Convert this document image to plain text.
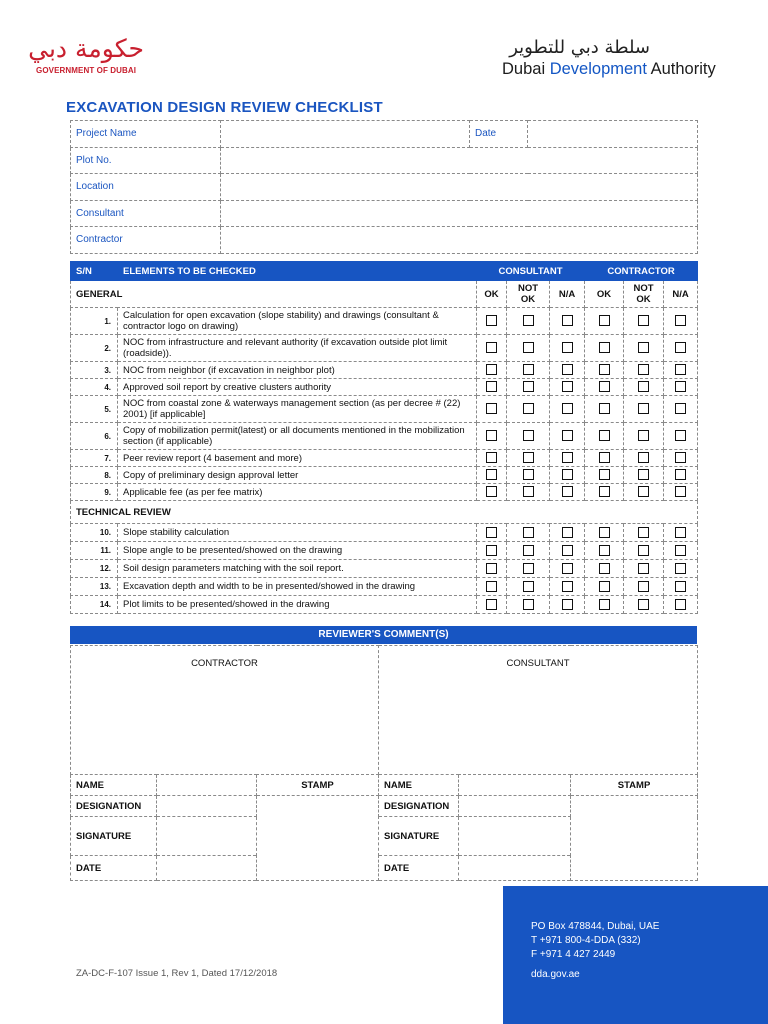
حكومة دبي
GOVERNMENT OF DUBAI
سلطة دبي للتطوير
Dubai Development Authority
EXCAVATION DESIGN REVIEW CHECKLIST
Project Name		Date	
Plot No.			
Location			
Consultant			
Contractor			
S/N	ELEMENTS TO BE CHECKED	CONSULTANT			CONTRACTOR		
GENERAL		OK	NOT OK	N/A	OK	NOT OK	N/A
1.	Calculation for open excavation (slope stability) and drawings (consultant & contractor logo on drawing)						
2.	NOC from infrastructure and relevant authority (if excavation outside plot limit (roadside)).						
3.	NOC from neighbor (if excavation in neighbor plot)						
4.	Approved soil report by creative clusters authority						
5.	NOC from coastal zone & waterways management section (as per decree # (22) 2001) [if applicable]						
6.	Copy of mobilization permit(latest) or all documents mentioned in the mobilization section (if applicable)						
7.	Peer review report (4 basement and more)						
8.	Copy of preliminary design approval letter						
9.	Applicable fee (as per fee matrix)						
TECHNICAL REVIEW							
10.	Slope stability calculation						
11.	Slope angle to be presented/showed on the drawing						
12.	Soil design parameters matching with the soil report.						
13.	Excavation depth and width to be in presented/showed in the drawing						
14.	Plot limits to be presented/showed in the drawing						
REVIEWER'S COMMENT(S)
CONTRACTOR			CONSULTANT		
NAME		STAMP	NAME		STAMP
DESIGNATION			DESIGNATION		
SIGNATURE			SIGNATURE		
DATE			DATE		
ZA-DC-F-107 Issue 1, Rev 1, Dated 17/12/2018
PO Box 478844, Dubai, UAE
T +971 800-4-DDA (332)
F +971 4 427 2449
dda.gov.ae
